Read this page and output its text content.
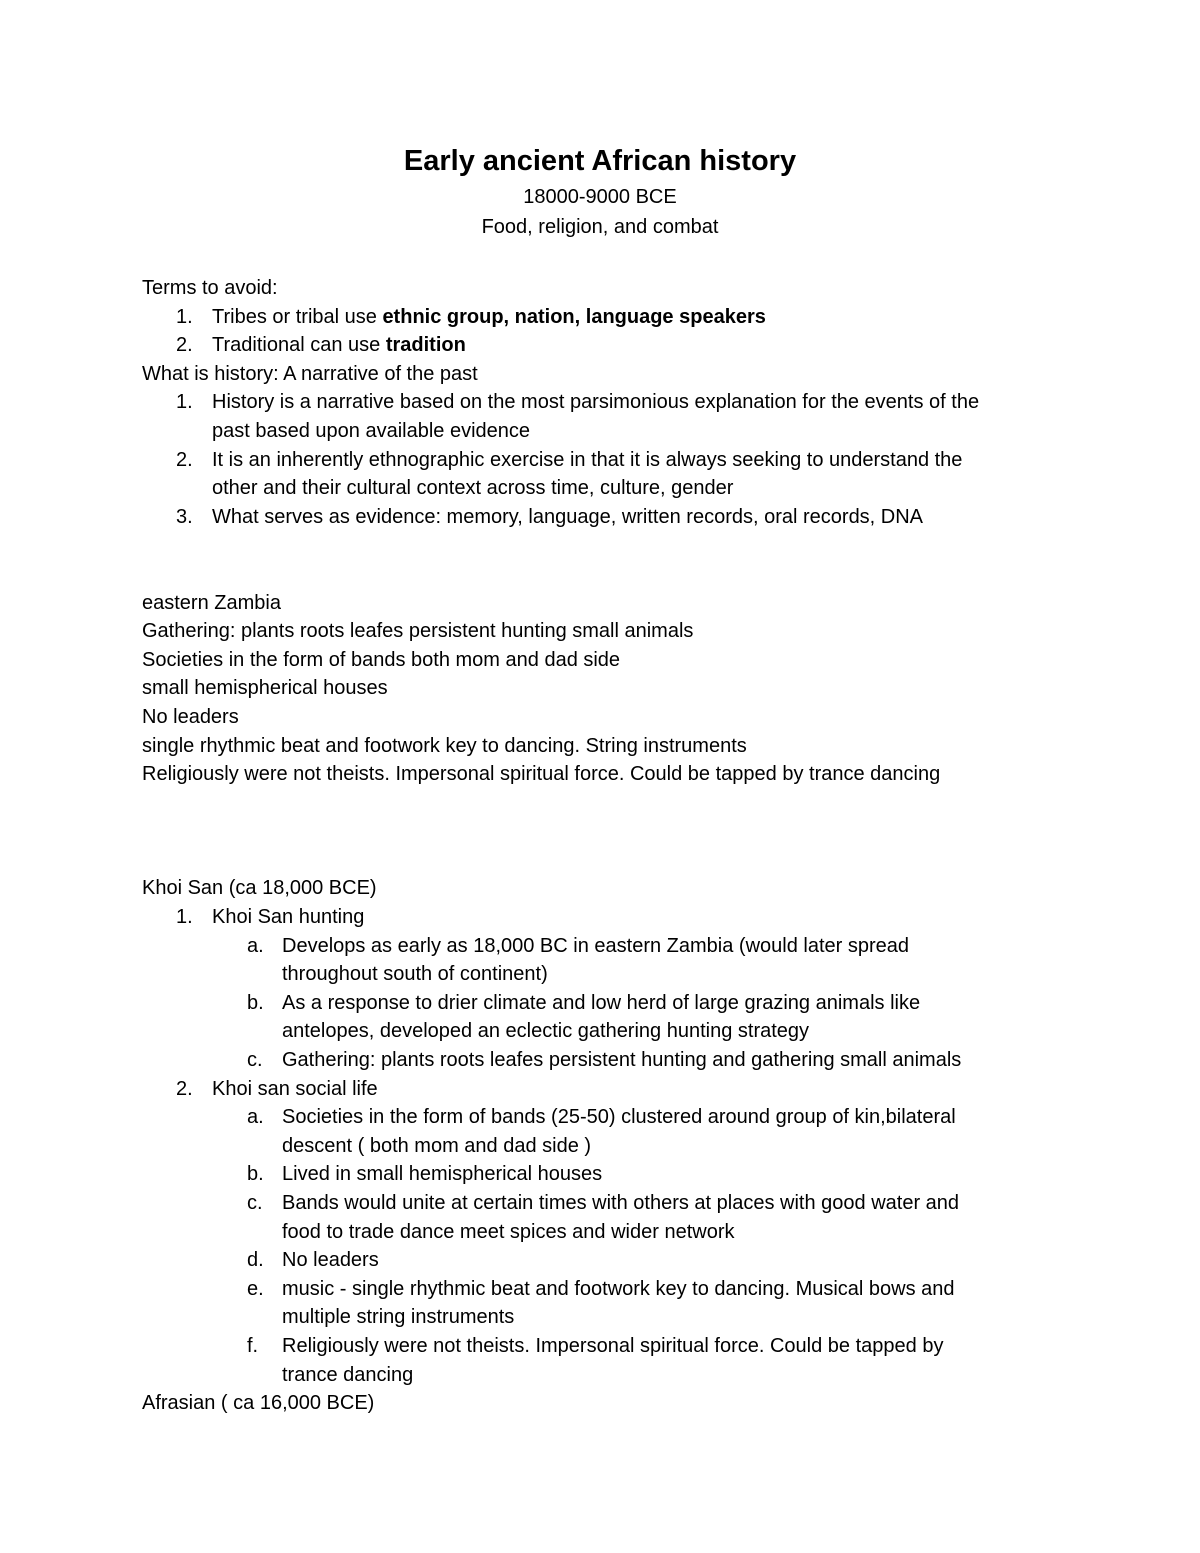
Early ancient African history
18000-9000 BCE
Food, religion, and combat
Terms to avoid:
1. Tribes or tribal use ethnic group, nation, language speakers
2. Traditional can use tradition
What is history: A narrative of the past
1. History is a narrative based on the most parsimonious explanation for the events of the
past based upon available evidence
2. It is an inherently ethnographic exercise in that it is always seeking to understand the
other and their cultural context across time, culture, gender
3. What serves as evidence: memory, language, written records, oral records, DNA
eastern Zambia
Gathering: plants roots leafes persistent hunting small animals
Societies in the form of bands both mom and dad side
small hemispherical houses
No leaders
single rhythmic beat and footwork key to dancing. String instruments
Religiously were not theists. Impersonal spiritual force. Could be tapped by trance dancing
Khoi San (ca 18,000 BCE)
1. Khoi San hunting
a. Develops as early as 18,000 BC in eastern Zambia (would later spread
throughout south of continent)
b. As a response to drier climate and low herd of large grazing animals like
antelopes, developed an eclectic gathering hunting strategy
c. Gathering: plants roots leafes persistent hunting and gathering small animals
2. Khoi san social life
a. Societies in the form of bands (25-50) clustered around group of kin,bilateral
descent ( both mom and dad side )
b. Lived in small hemispherical houses
c. Bands would unite at certain times with others at places with good water and
food to trade dance meet spices and wider network
d. No leaders
e. music - single rhythmic beat and footwork key to dancing. Musical bows and
multiple string instruments
f. Religiously were not theists. Impersonal spiritual force. Could be tapped by
trance dancing
Afrasian ( ca 16,000 BCE)
